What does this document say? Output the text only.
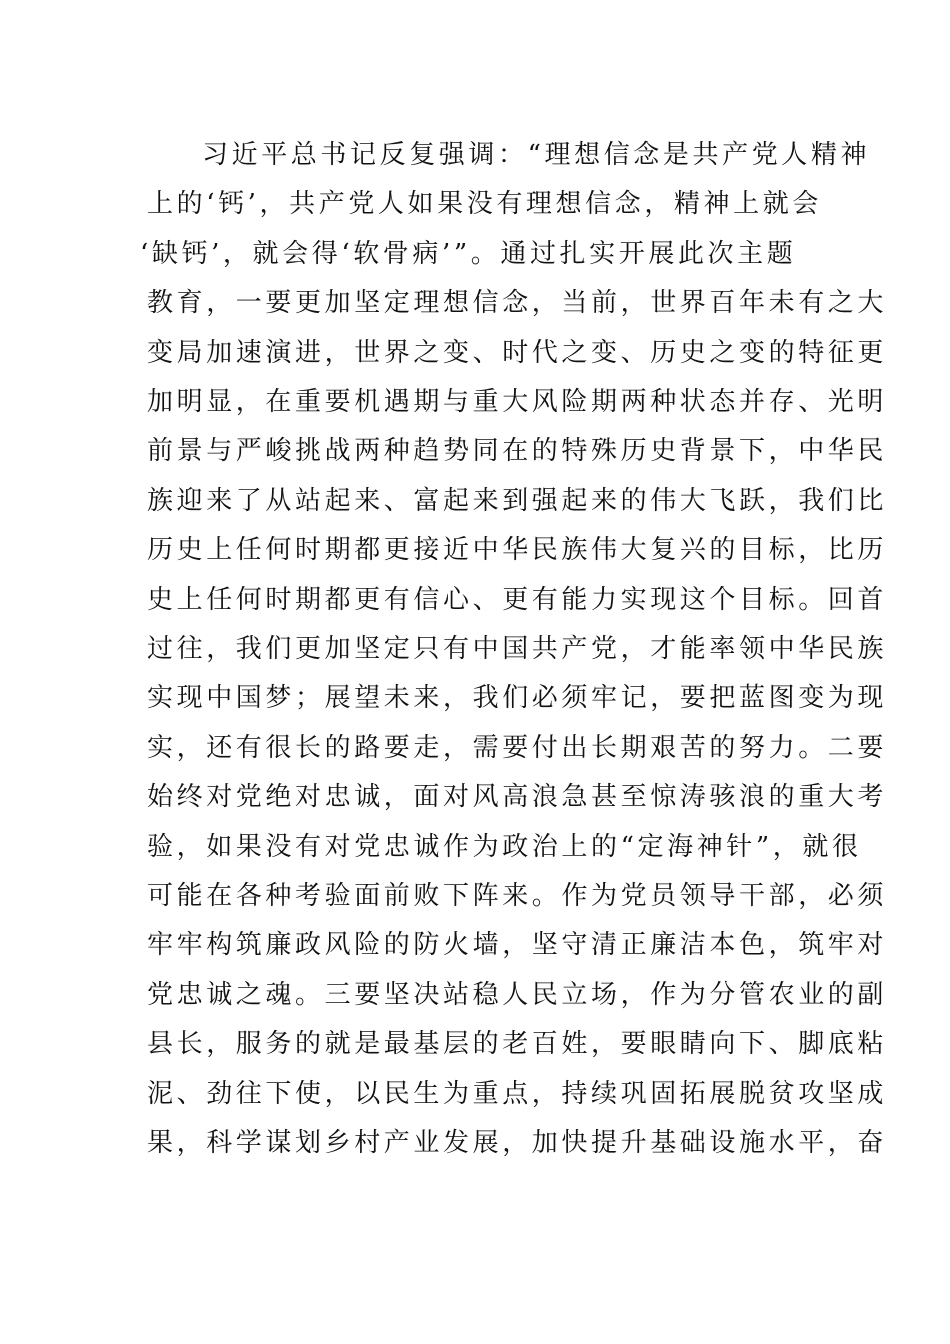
习近平总书记反复强调：“理想信念是共产党人精神
上的‘钙’，共产党人如果没有理想信念，精神上就会
‘缺钙’，就会得‘软骨病’”。通过扎实开展此次主题
教育，一要更加坚定理想信念，当前，世界百年未有之大
变局加速演进，世界之变、时代之变、历史之变的特征更
加明显，在重要机遇期与重大风险期两种状态并存、光明
前景与严峻挑战两种趋势同在的特殊历史背景下，中华民
族迎来了从站起来、富起来到强起来的伟大飞跃，我们比
历史上任何时期都更接近中华民族伟大复兴的目标，比历
史上任何时期都更有信心、更有能力实现这个目标。回首
过往，我们更加坚定只有中国共产党，才能率领中华民族
实现中国梦；展望未来，我们必须牢记，要把蓝图变为现
实，还有很长的路要走，需要付出长期艰苦的努力。二要
始终对党绝对忠诚，面对风高浪急甚至惊涛骇浪的重大考
验，如果没有对党忠诚作为政治上的“定海神针”，就很
可能在各种考验面前败下阵来。作为党员领导干部，必须
牢牢构筑廉政风险的防火墙，坚守清正廉洁本色，筑牢对
党忠诚之魂。三要坚决站稳人民立场，作为分管农业的副
县长，服务的就是最基层的老百姓，要眼睛向下、脚底粘
泥、劲往下使，以民生为重点，持续巩固拓展脱贫攻坚成
果，科学谋划乡村产业发展，加快提升基础设施水平，奋
